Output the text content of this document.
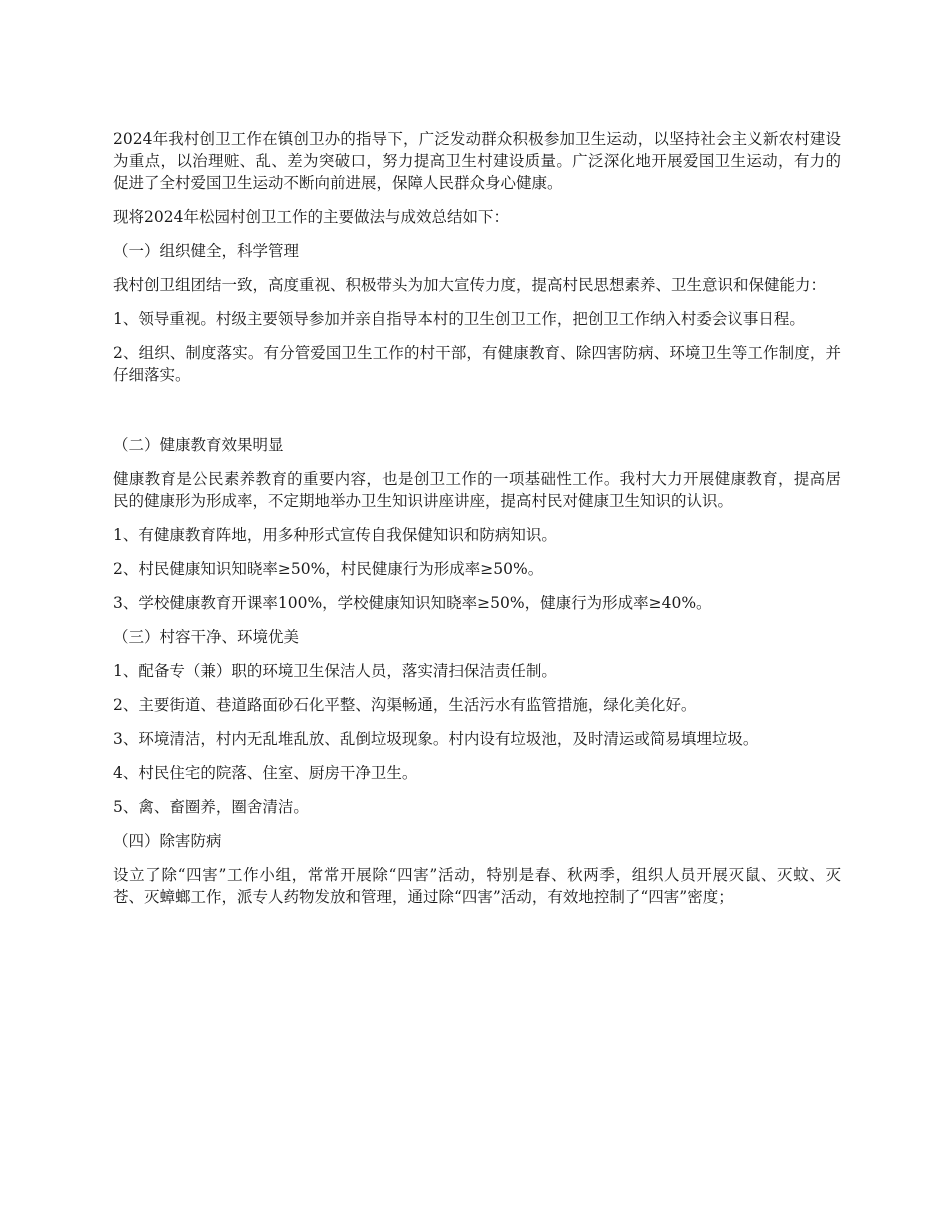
2024年我村创卫工作在镇创卫办的指导下，广泛发动群众积极参加卫生运动，以坚持社会主义新农村建设为重点，以治理赃、乱、差为突破口，努力提高卫生村建设质量。广泛深化地开展爱国卫生运动，有力的促进了全村爱国卫生运动不断向前进展，保障人民群众身心健康。

现将2024年松园村创卫工作的主要做法与成效总结如下：

（一）组织健全，科学管理

我村创卫组团结一致，高度重视、积极带头为加大宣传力度，提高村民思想素养、卫生意识和保健能力：

1、领导重视。村级主要领导参加并亲自指导本村的卫生创卫工作，把创卫工作纳入村委会议事日程。

2、组织、制度落实。有分管爱国卫生工作的村干部，有健康教育、除四害防病、环境卫生等工作制度，并仔细落实。

（二）健康教育效果明显

健康教育是公民素养教育的重要内容，也是创卫工作的一项基础性工作。我村大力开展健康教育，提高居民的健康形为形成率，不定期地举办卫生知识讲座讲座，提高村民对健康卫生知识的认识。

1、有健康教育阵地，用多种形式宣传自我保健知识和防病知识。

2、村民健康知识知晓率≥50%，村民健康行为形成率≥50%。

3、学校健康教育开课率100%，学校健康知识知晓率≥50%，健康行为形成率≥40%。

（三）村容干净、环境优美

1、配备专（兼）职的环境卫生保洁人员，落实清扫保洁责任制。

2、主要街道、巷道路面砂石化平整、沟渠畅通，生活污水有监管措施，绿化美化好。

3、环境清洁，村内无乱堆乱放、乱倒垃圾现象。村内设有垃圾池，及时清运或简易填埋垃圾。

4、村民住宅的院落、住室、厨房干净卫生。

5、禽、畜圈养，圈舍清洁。

（四）除害防病

设立了除“四害”工作小组，常常开展除“四害”活动，特别是春、秋两季，组织人员开展灭鼠、灭蚊、灭苍、灭蟑螂工作，派专人药物发放和管理，通过除“四害”活动，有效地控制了“四害”密度；
